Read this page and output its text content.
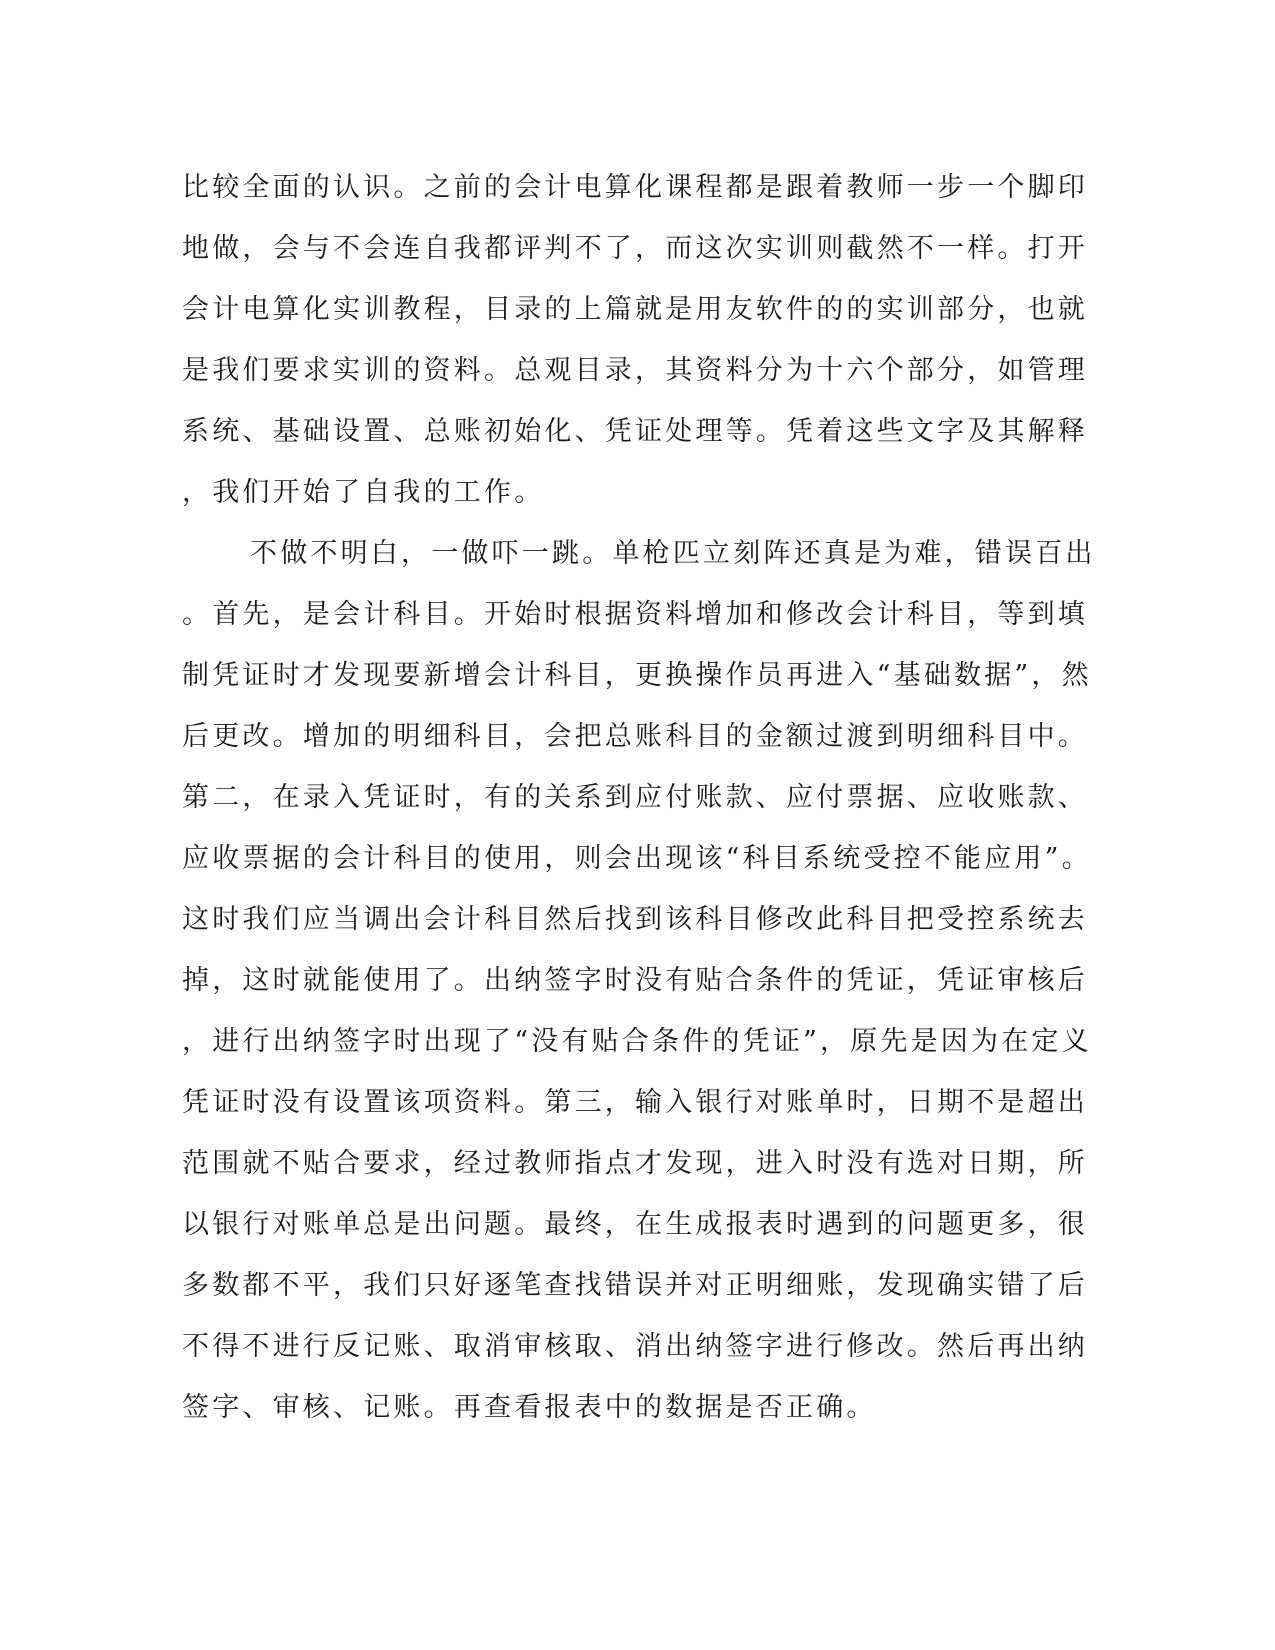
比较全面的认识。之前的会计电算化课程都是跟着教师一步一个脚印
地做，会与不会连自我都评判不了，而这次实训则截然不一样。打开
会计电算化实训教程，目录的上篇就是用友软件的的实训部分，也就
是我们要求实训的资料。总观目录，其资料分为十六个部分，如管理
系统、基础设置、总账初始化、凭证处理等。凭着这些文字及其解释
，我们开始了自我的工作。
不做不明白，一做吓一跳。单枪匹立刻阵还真是为难，错误百出
。首先，是会计科目。开始时根据资料增加和修改会计科目，等到填
制凭证时才发现要新增会计科目，更换操作员再进入“基础数据”，然
后更改。增加的明细科目，会把总账科目的金额过渡到明细科目中。
第二，在录入凭证时，有的关系到应付账款、应付票据、应收账款、
应收票据的会计科目的使用，则会出现该“科目系统受控不能应用”。
这时我们应当调出会计科目然后找到该科目修改此科目把受控系统去
掉，这时就能使用了。出纳签字时没有贴合条件的凭证，凭证审核后
，进行出纳签字时出现了“没有贴合条件的凭证”，原先是因为在定义
凭证时没有设置该项资料。第三，输入银行对账单时，日期不是超出
范围就不贴合要求，经过教师指点才发现，进入时没有选对日期，所
以银行对账单总是出问题。最终，在生成报表时遇到的问题更多，很
多数都不平，我们只好逐笔查找错误并对正明细账，发现确实错了后
不得不进行反记账、取消审核取、消出纳签字进行修改。然后再出纳
签字、审核、记账。再查看报表中的数据是否正确。
